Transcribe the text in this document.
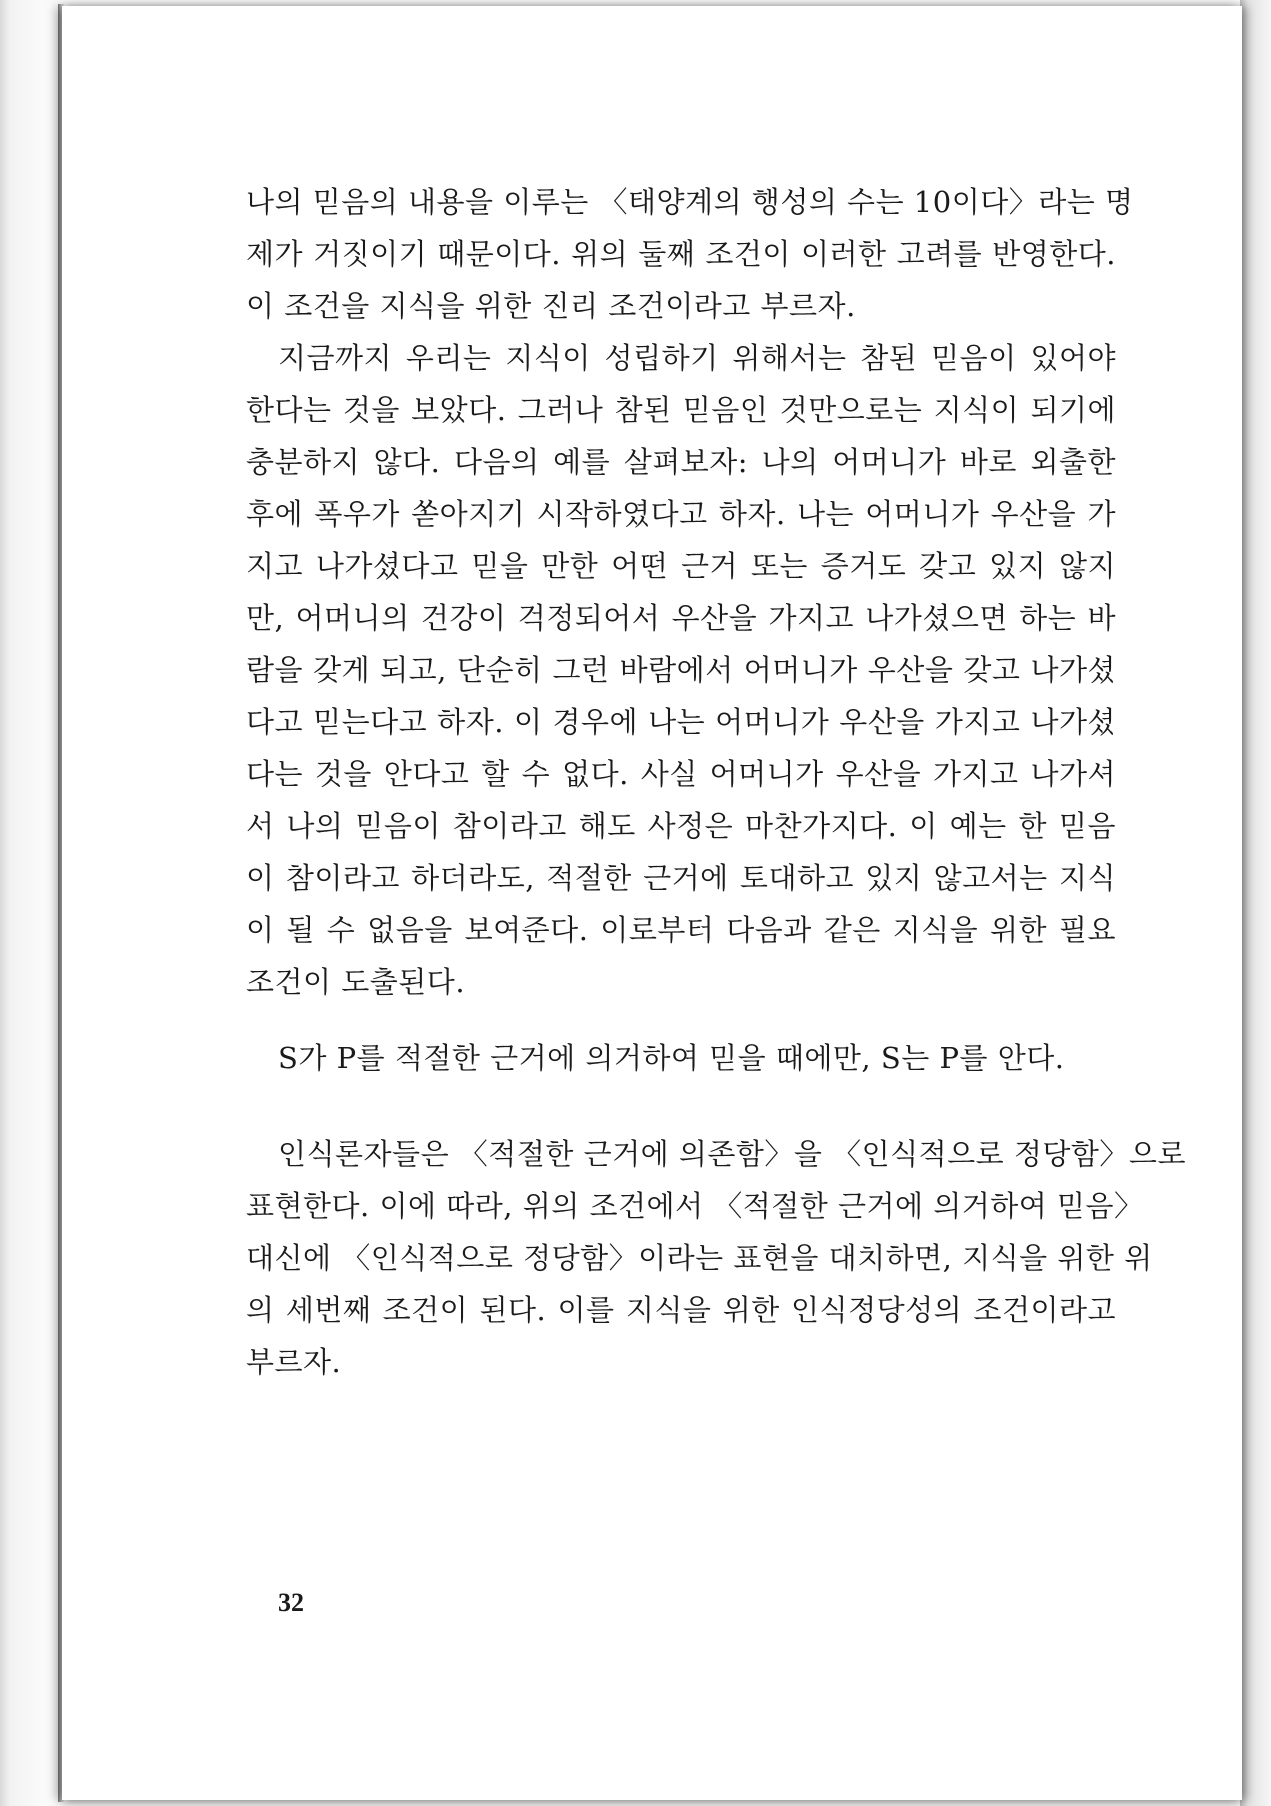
나의 믿음의 내용을 이루는 〈태양계의 행성의 수는 10이다〉라는 명
제가 거짓이기 때문이다. 위의 둘째 조건이 이러한 고려를 반영한다.
이 조건을 지식을 위한 진리 조건이라고 부르자.
지금까지 우리는 지식이 성립하기 위해서는 참된 믿음이 있어야
한다는 것을 보았다. 그러나 참된 믿음인 것만으로는 지식이 되기에
충분하지 않다. 다음의 예를 살펴보자: 나의 어머니가 바로 외출한
후에 폭우가 쏟아지기 시작하였다고 하자. 나는 어머니가 우산을 가
지고 나가셨다고 믿을 만한 어떤 근거 또는 증거도 갖고 있지 않지
만, 어머니의 건강이 걱정되어서 우산을 가지고 나가셨으면 하는 바
람을 갖게 되고, 단순히 그런 바람에서 어머니가 우산을 갖고 나가셨
다고 믿는다고 하자. 이 경우에 나는 어머니가 우산을 가지고 나가셨
다는 것을 안다고 할 수 없다. 사실 어머니가 우산을 가지고 나가셔
서 나의 믿음이 참이라고 해도 사정은 마찬가지다. 이 예는 한 믿음
이 참이라고 하더라도, 적절한 근거에 토대하고 있지 않고서는 지식
이 될 수 없음을 보여준다. 이로부터 다음과 같은 지식을 위한 필요
조건이 도출된다.
S가 P를 적절한 근거에 의거하여 믿을 때에만, S는 P를 안다.
인식론자들은 〈적절한 근거에 의존함〉을 〈인식적으로 정당함〉으로
표현한다. 이에 따라, 위의 조건에서 〈적절한 근거에 의거하여 믿음〉
대신에 〈인식적으로 정당함〉이라는 표현을 대치하면, 지식을 위한 위
의 세번째 조건이 된다. 이를 지식을 위한 인식정당성의 조건이라고
부르자.
32
